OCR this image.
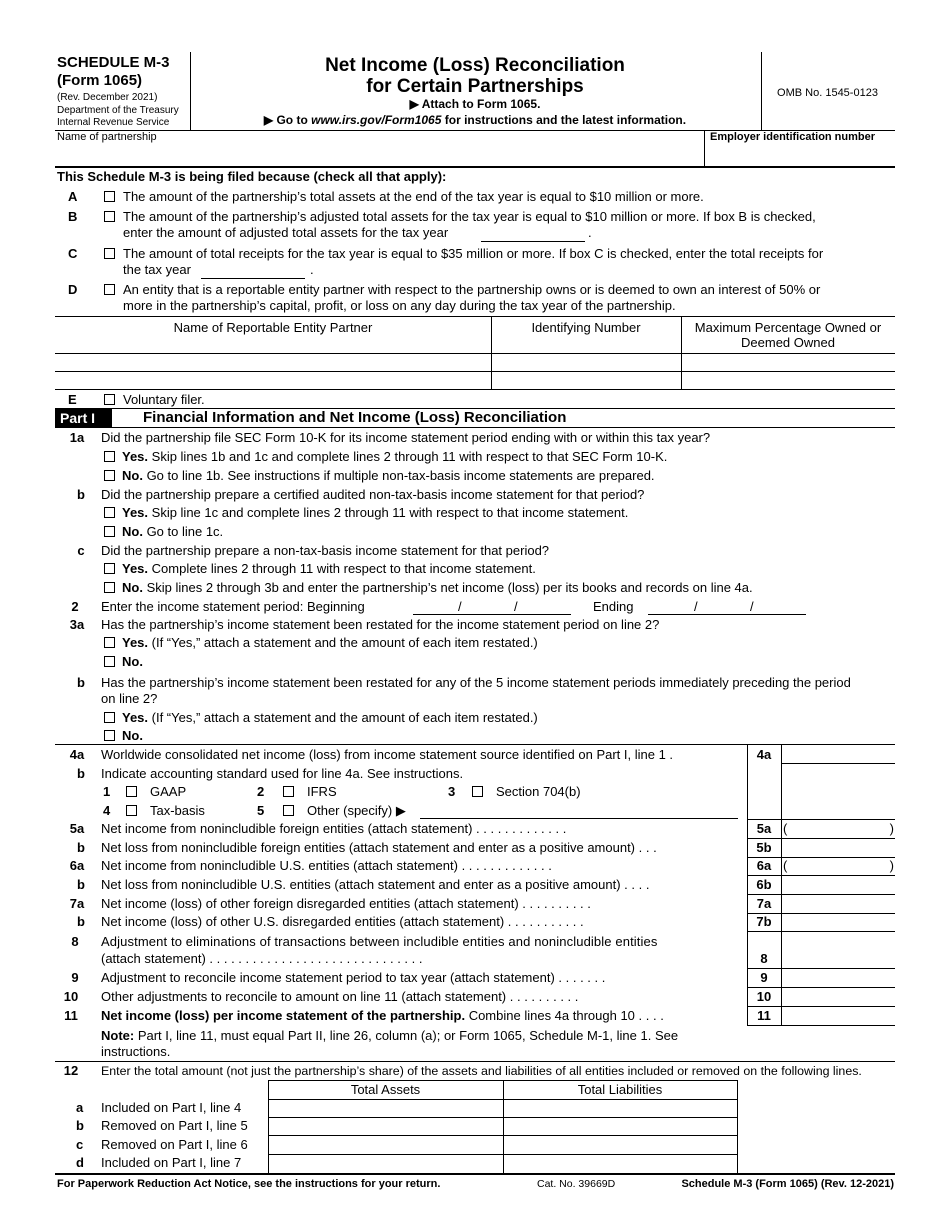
SCHEDULE M-3
(Form 1065)
(Rev. December 2021)
Department of the Treasury
Internal Revenue Service
Net Income (Loss) Reconciliation
for Certain Partnerships
▶ Attach to Form 1065.
▶ Go to www.irs.gov/Form1065 for instructions and the latest information.
OMB No. 1545-0123
Name of partnership	Employer identification number
This Schedule M-3 is being filed because (check all that apply):
A	The amount of the partnership’s total assets at the end of the tax year is equal to $10 million or more.
B	The amount of the partnership’s adjusted total assets for the tax year is equal to $10 million or more. If box B is checked,
enter the amount of adjusted total assets for the tax year	.
C	The amount of total receipts for the tax year is equal to $35 million or more. If box C is checked, enter the total receipts for
the tax year	.
D	An entity that is a reportable entity partner with respect to the partnership owns or is deemed to own an interest of 50% or
more in the partnership’s capital, profit, or loss on any day during the tax year of the partnership.
Name of Reportable Entity Partner	Identifying Number	Maximum Percentage Owned or
Deemed Owned
E	Voluntary filer.
Part I	Financial Information and Net Income (Loss) Reconciliation
1a	Did the partnership file SEC Form 10-K for its income statement period ending with or within this tax year?
Yes. Skip lines 1b and 1c and complete lines 2 through 11 with respect to that SEC Form 10-K.
No. Go to line 1b. See instructions if multiple non-tax-basis income statements are prepared.
b	Did the partnership prepare a certified audited non-tax-basis income statement for that period?
Yes. Skip line 1c and complete lines 2 through 11 with respect to that income statement.
No. Go to line 1c.
c	Did the partnership prepare a non-tax-basis income statement for that period?
Yes. Complete lines 2 through 11 with respect to that income statement.
No. Skip lines 2 through 3b and enter the partnership’s net income (loss) per its books and records on line 4a.
2	Enter the income statement period: Beginning	/	/	Ending	/	/
3a	Has the partnership’s income statement been restated for the income statement period on line 2?
Yes. (If “Yes,” attach a statement and the amount of each item restated.)
No.
b	Has the partnership’s income statement been restated for any of the 5 income statement periods immediately preceding the period
on line 2?
Yes. (If “Yes,” attach a statement and the amount of each item restated.)
No.
4a	Worldwide consolidated net income (loss) from income statement source identified on Part I, line 1 .	4a
b	Indicate accounting standard used for line 4a. See instructions.
1	GAAP	2	IFRS	3	Section 704(b)
4	Tax-basis	5	Other (specify) ▶
5a	Net income from nonincludible foreign entities (attach statement) . . . . . . . . . . . . .	5a (	)
b	Net loss from nonincludible foreign entities (attach statement and enter as a positive amount) . . .	5b
6a	Net income from nonincludible U.S. entities (attach statement) . . . . . . . . . . . . .	6a (	)
b	Net loss from nonincludible U.S. entities (attach statement and enter as a positive amount) . . . .	6b
7a	Net income (loss) of other foreign disregarded entities (attach statement) . . . . . . . . . .	7a
b	Net income (loss) of other U.S. disregarded entities (attach statement) . . . . . . . . . . .	7b
8	Adjustment to eliminations of transactions between includible entities and nonincludible entities
(attach statement) . . . . . . . . . . . . . . . . . . . . . . . . . . . . . .	8
9	Adjustment to reconcile income statement period to tax year (attach statement) . . . . . . .	9
10	Other adjustments to reconcile to amount on line 11 (attach statement) . . . . . . . . . .	10
11	Net income (loss) per income statement of the partnership. Combine lines 4a through 10 . . . .	11
Note: Part I, line 11, must equal Part II, line 26, column (a); or Form 1065, Schedule M-1, line 1. See
instructions.
12	Enter the total amount (not just the partnership’s share) of the assets and liabilities of all entities included or removed on the following lines.
Total Assets	Total Liabilities
a Included on Part I, line 4
b Removed on Part I, line 5
c Removed on Part I, line 6
d Included on Part I, line 7
For Paperwork Reduction Act Notice, see the instructions for your return.	Cat. No. 39669D	Schedule M-3 (Form 1065) (Rev. 12-2021)
